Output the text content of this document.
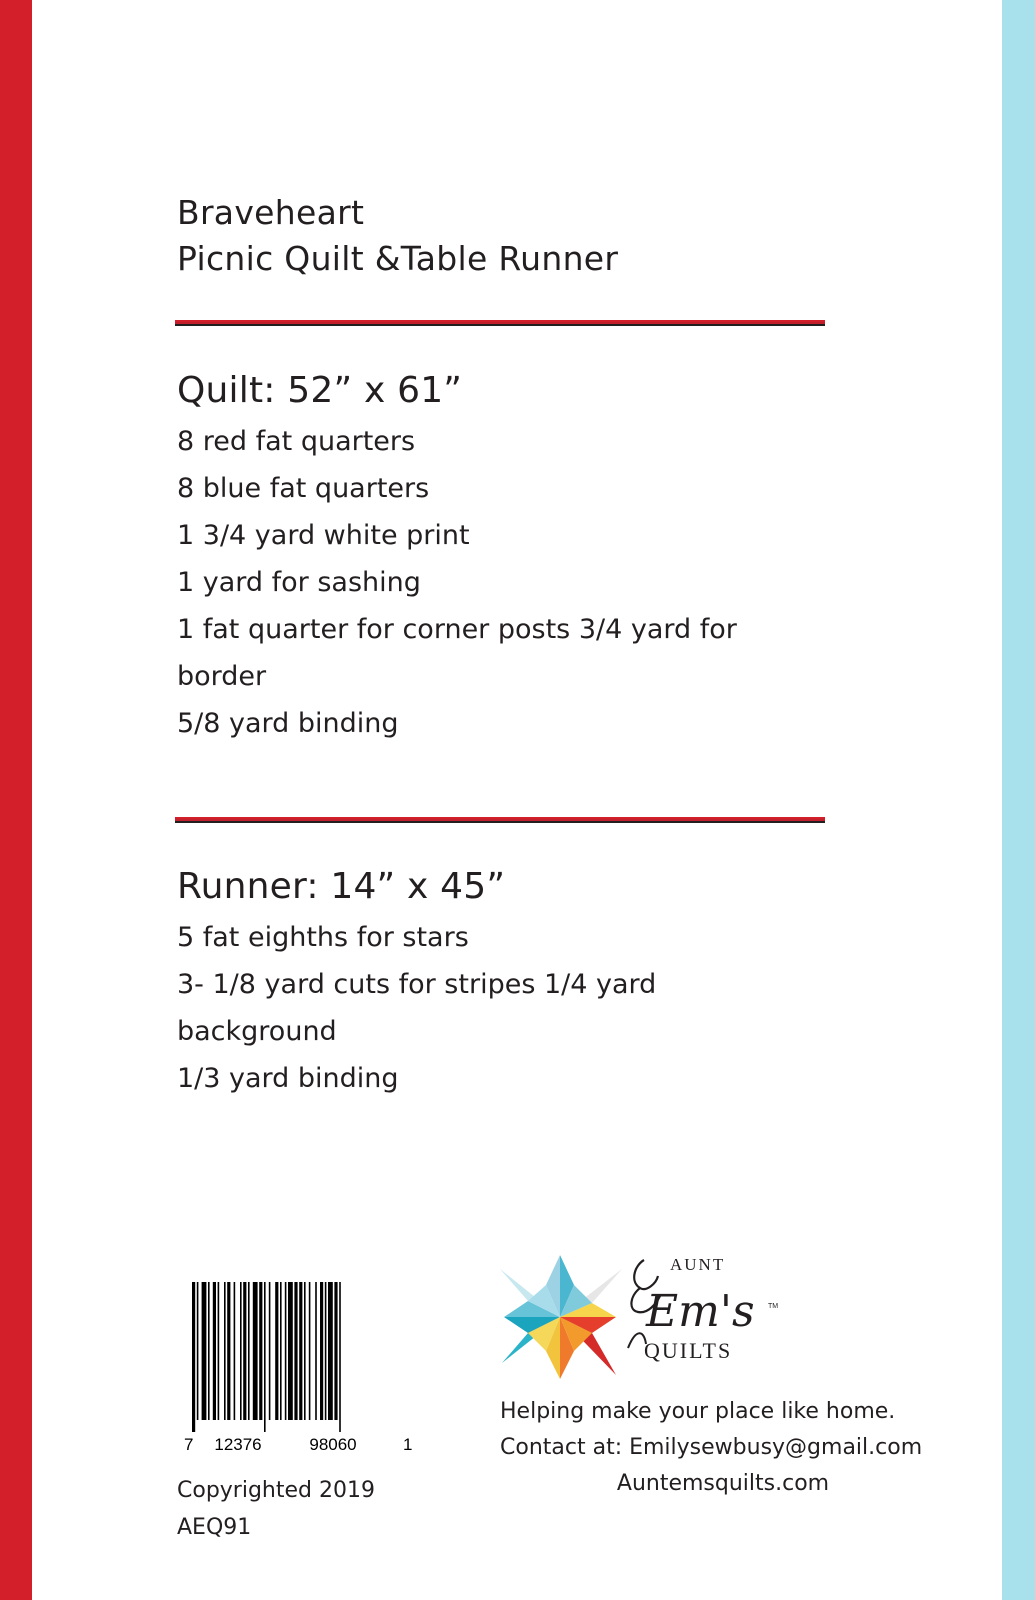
Braveheart
Picnic Quilt &Table Runner
Quilt: 52” x 61”
8 red fat quarters
8 blue fat quarters
1 3/4 yard white print
1 yard for sashing
1 fat quarter for corner posts 3/4 yard for border
5/8 yard binding
Runner: 14” x 45”
5 fat eighths for stars
3- 1/8 yard cuts for stripes 1/4 yard background
1/3 yard binding
7 12376	98060	1
Copyrighted 2019
AEQ91
AUNT
Em's TM
QUILTS
Helping make your place like home.
Contact at: Emilysewbusy@gmail.com
Auntemsquilts.com
